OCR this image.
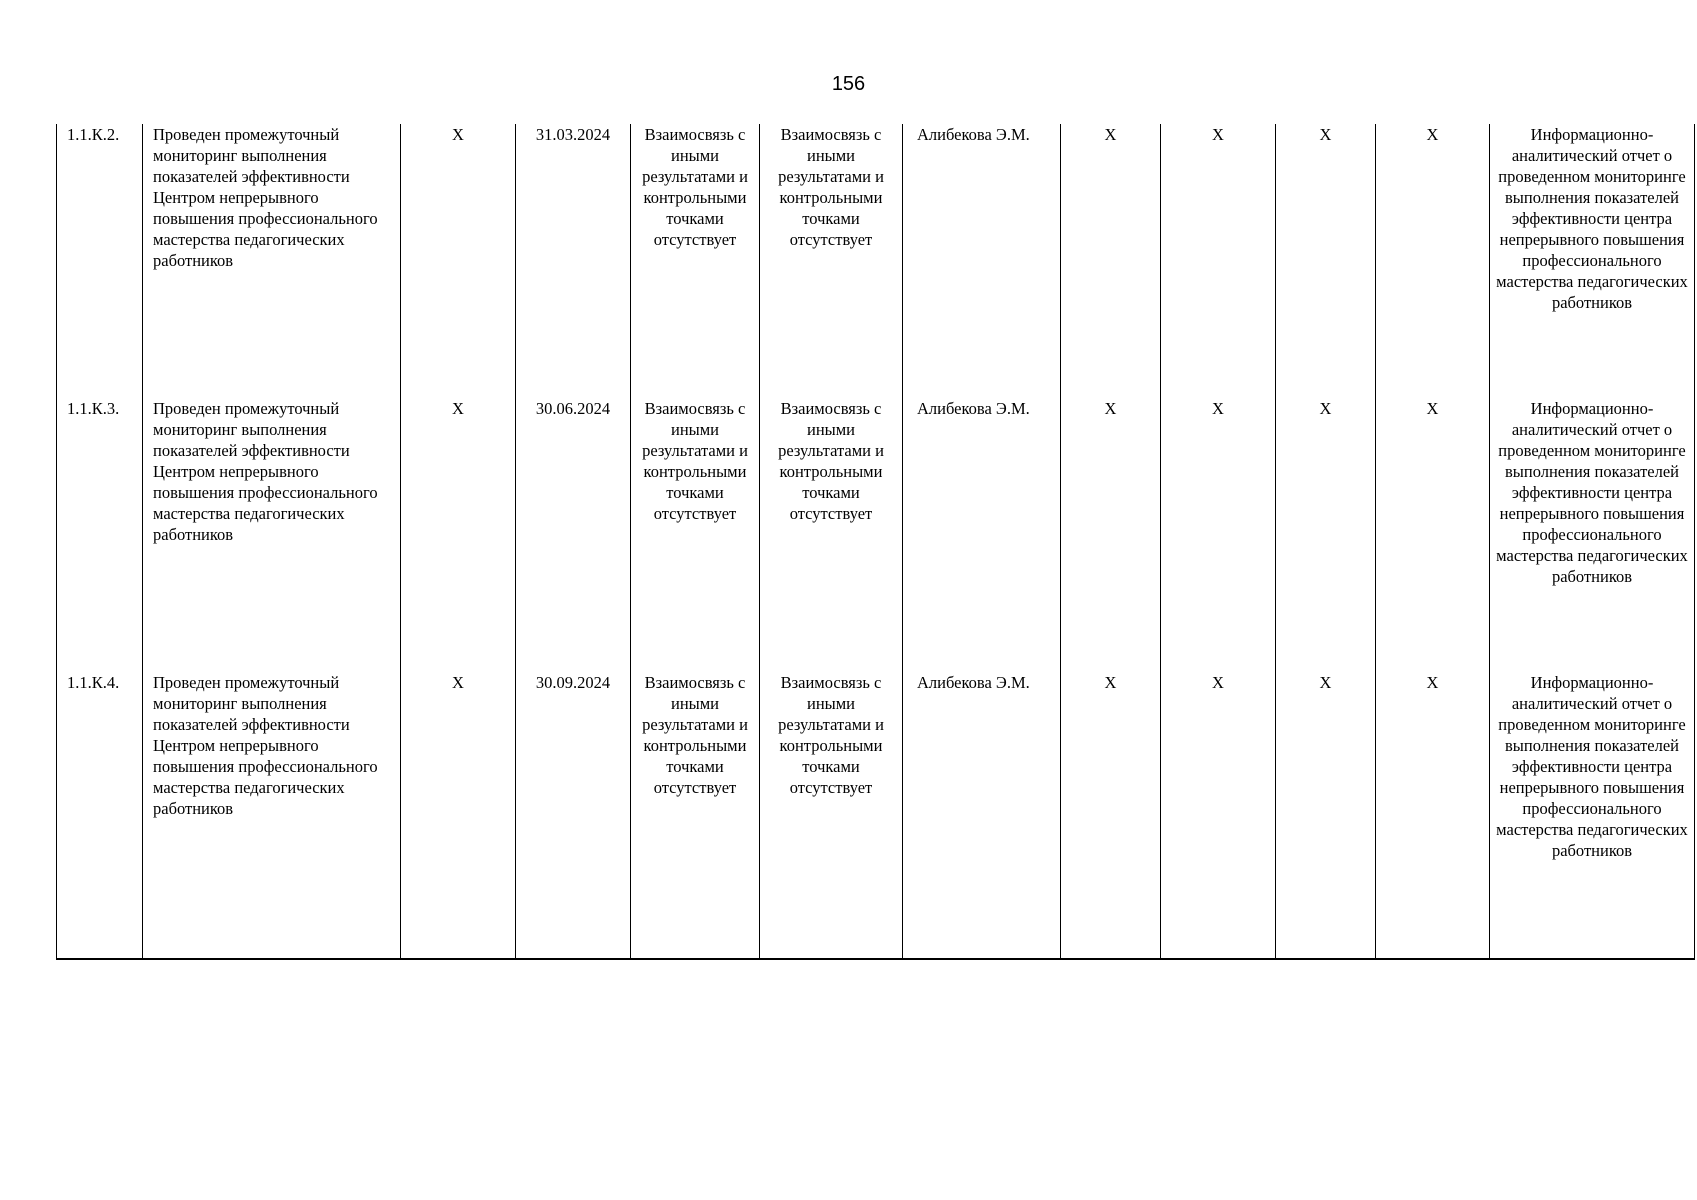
156
1.1.К.2.	Проведен промежуточный мониторинг выполнения показателей эффективности Центром непрерывного повышения профессионального мастерства педагогических работников	X	31.03.2024	Взаимосвязь с иными результатами и контрольными точками отсутствует	Взаимосвязь с иными результатами и контрольными точками отсутствует	Алибекова Э.М.	X	X	X	X	Информационно-аналитический отчет о проведенном мониторинге выполнения показателей эффективности центра непрерывного повышения профессионального мастерства педагогических работников
1.1.К.3.	Проведен промежуточный мониторинг выполнения показателей эффективности Центром непрерывного повышения профессионального мастерства педагогических работников	X	30.06.2024	Взаимосвязь с иными результатами и контрольными точками отсутствует	Взаимосвязь с иными результатами и контрольными точками отсутствует	Алибекова Э.М.	X	X	X	X	Информационно-аналитический отчет о проведенном мониторинге выполнения показателей эффективности центра непрерывного повышения профессионального мастерства педагогических работников
1.1.К.4.	Проведен промежуточный мониторинг выполнения показателей эффективности Центром непрерывного повышения профессионального мастерства педагогических работников	X	30.09.2024	Взаимосвязь с иными результатами и контрольными точками отсутствует	Взаимосвязь с иными результатами и контрольными точками отсутствует	Алибекова Э.М.	X	X	X	X	Информационно-аналитический отчет о проведенном мониторинге выполнения показателей эффективности центра непрерывного повышения профессионального мастерства педагогических работников
